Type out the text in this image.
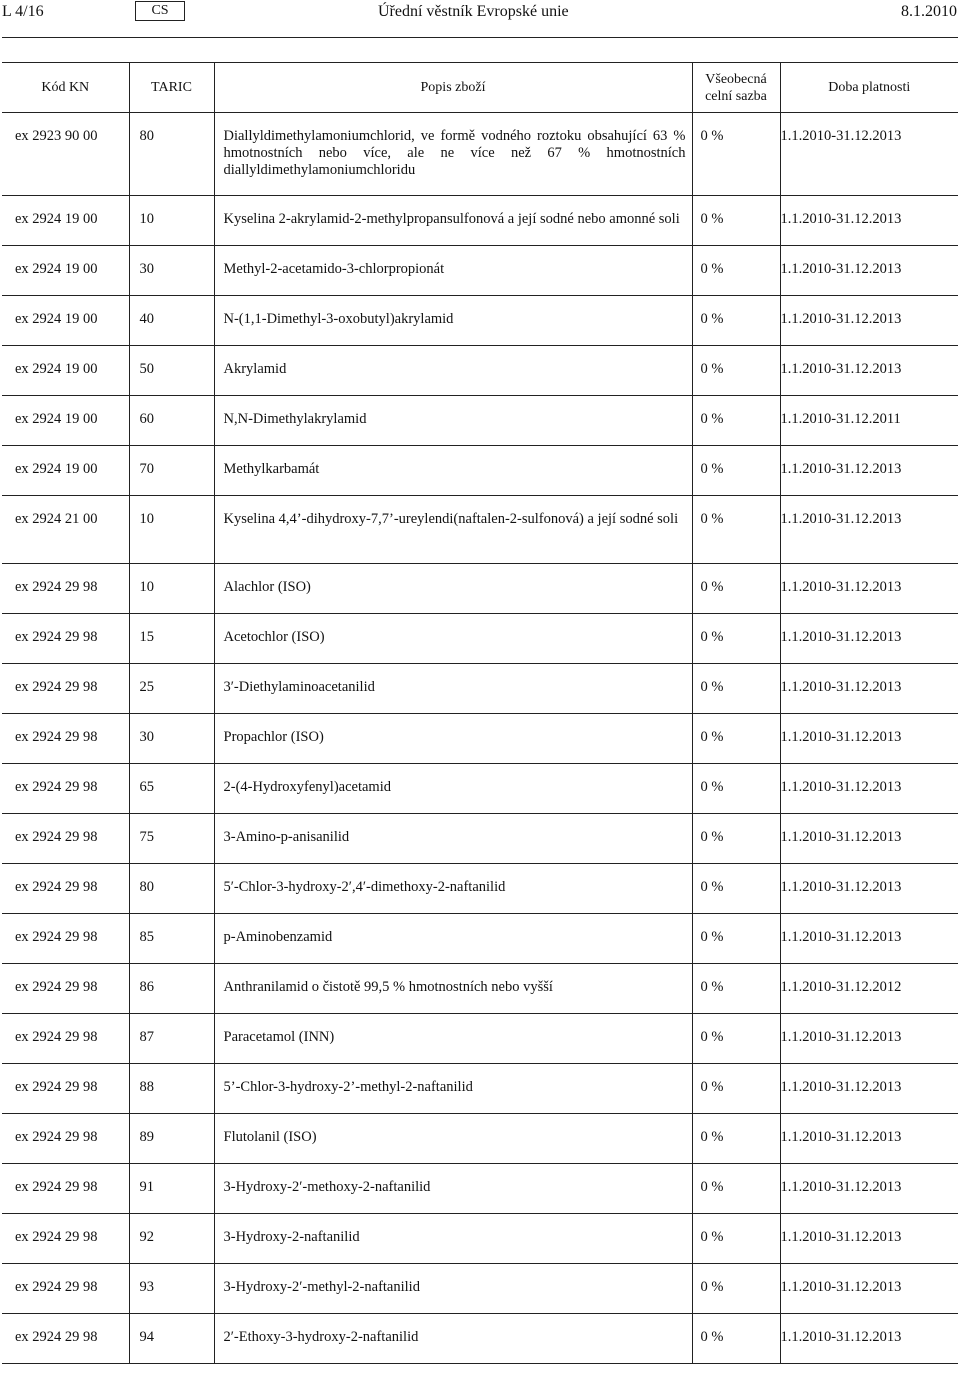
L 4/16	CS	Úřední věstník Evropské unie	8.1.2010
Kód KN	TARIC	Popis zboží	Všeobecná celní sazba	Doba platnosti
ex 2923 90 00	80	Diallyldimethylamoniumchlorid, ve formě vodného roztoku obsahující 63 % hmotnostních nebo více, ale ne více než 67 % hmotnostních diallyldimethylamoniumchloridu	0 %	1.1.2010-31.12.2013
ex 2924 19 00	10	Kyselina 2-akrylamid-2-methylpropansulfonová a její sodné nebo amonné soli	0 %	1.1.2010-31.12.2013
ex 2924 19 00	30	Methyl-2-acetamido-3-chlorpropionát	0 %	1.1.2010-31.12.2013
ex 2924 19 00	40	N-(1,1-Dimethyl-3-oxobutyl)akrylamid	0 %	1.1.2010-31.12.2013
ex 2924 19 00	50	Akrylamid	0 %	1.1.2010-31.12.2013
ex 2924 19 00	60	N,N-Dimethylakrylamid	0 %	1.1.2010-31.12.2011
ex 2924 19 00	70	Methylkarbamát	0 %	1.1.2010-31.12.2013
ex 2924 21 00	10	Kyselina 4,4’-dihydroxy-7,7’-ureylendi(naftalen-2-sulfonová) a její sodné soli	0 %	1.1.2010-31.12.2013
ex 2924 29 98	10	Alachlor (ISO)	0 %	1.1.2010-31.12.2013
ex 2924 29 98	15	Acetochlor (ISO)	0 %	1.1.2010-31.12.2013
ex 2924 29 98	25	3′-Diethylaminoacetanilid	0 %	1.1.2010-31.12.2013
ex 2924 29 98	30	Propachlor (ISO)	0 %	1.1.2010-31.12.2013
ex 2924 29 98	65	2-(4-Hydroxyfenyl)acetamid	0 %	1.1.2010-31.12.2013
ex 2924 29 98	75	3-Amino-p-anisanilid	0 %	1.1.2010-31.12.2013
ex 2924 29 98	80	5′-Chlor-3-hydroxy-2′,4′-dimethoxy-2-naftanilid	0 %	1.1.2010-31.12.2013
ex 2924 29 98	85	p-Aminobenzamid	0 %	1.1.2010-31.12.2013
ex 2924 29 98	86	Anthranilamid o čistotě 99,5 % hmotnostních nebo vyšší	0 %	1.1.2010-31.12.2012
ex 2924 29 98	87	Paracetamol (INN)	0 %	1.1.2010-31.12.2013
ex 2924 29 98	88	5’-Chlor-3-hydroxy-2’-methyl-2-naftanilid	0 %	1.1.2010-31.12.2013
ex 2924 29 98	89	Flutolanil (ISO)	0 %	1.1.2010-31.12.2013
ex 2924 29 98	91	3-Hydroxy-2′-methoxy-2-naftanilid	0 %	1.1.2010-31.12.2013
ex 2924 29 98	92	3-Hydroxy-2-naftanilid	0 %	1.1.2010-31.12.2013
ex 2924 29 98	93	3-Hydroxy-2′-methyl-2-naftanilid	0 %	1.1.2010-31.12.2013
ex 2924 29 98	94	2′-Ethoxy-3-hydroxy-2-naftanilid	0 %	1.1.2010-31.12.2013
